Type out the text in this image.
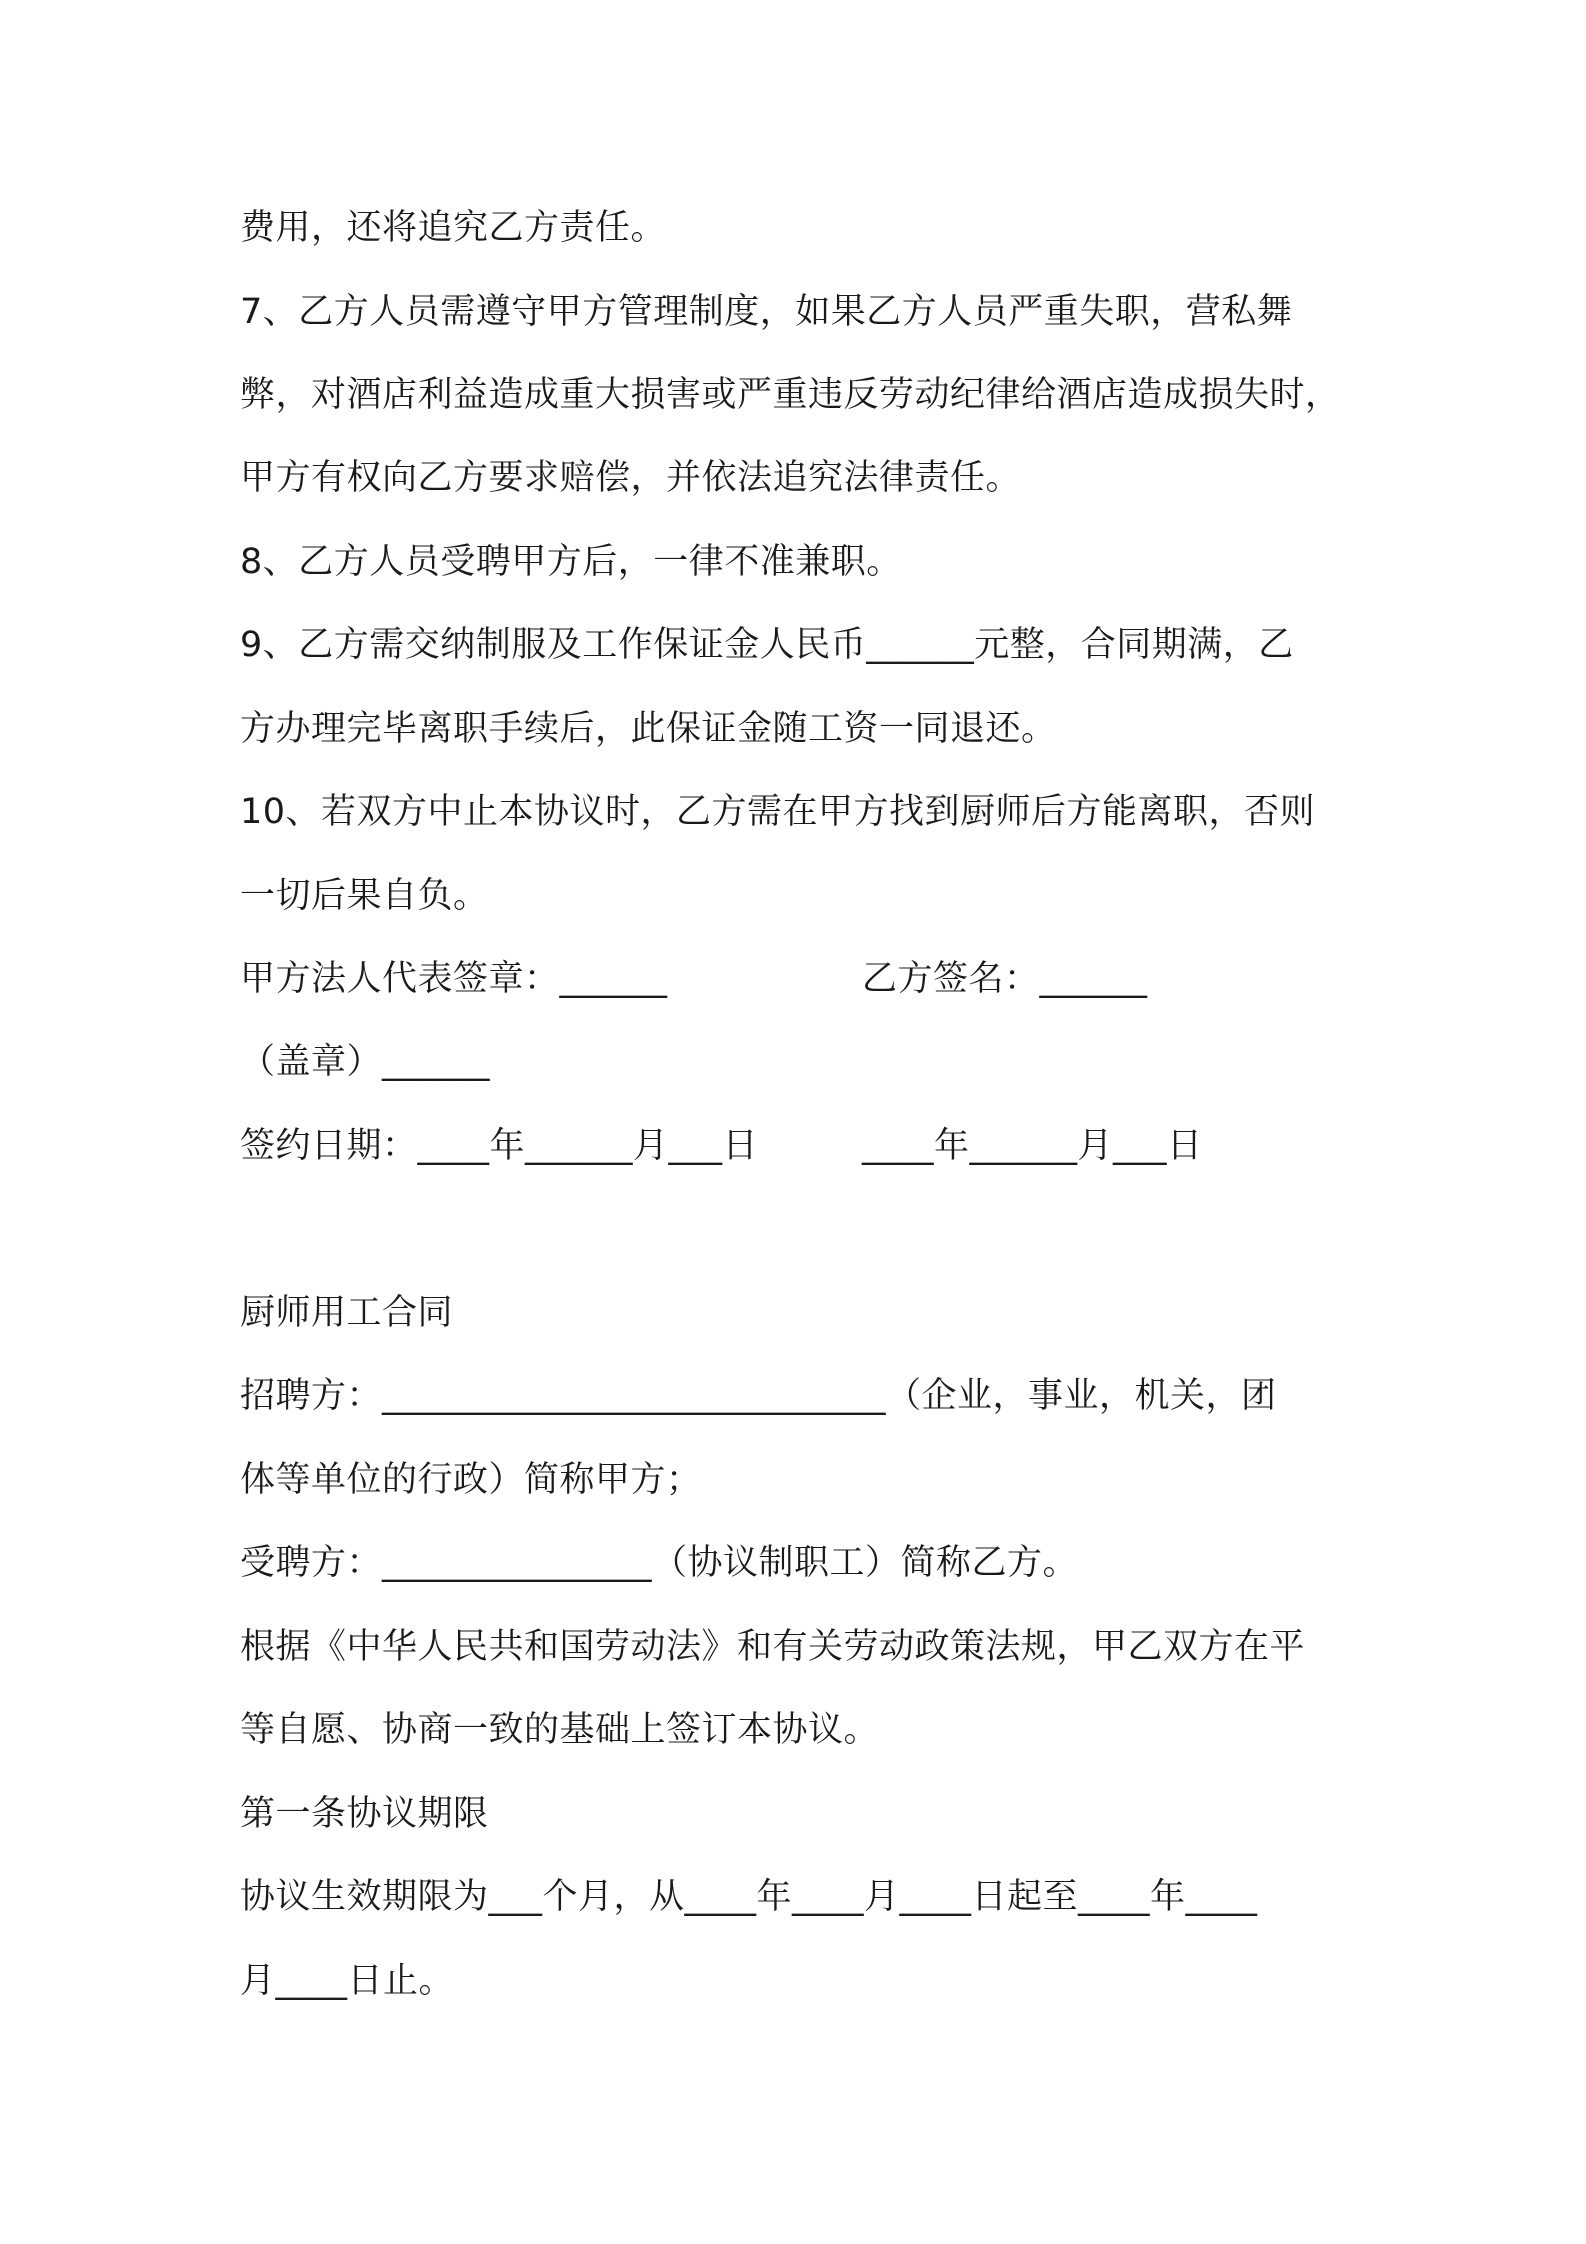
费用，还将追究乙方责任。
7、乙方人员需遵守甲方管理制度，如果乙方人员严重失职，营私舞
弊，对酒店利益造成重大损害或严重违反劳动纪律给酒店造成损失时，
甲方有权向乙方要求赔偿，并依法追究法律责任。
8、乙方人员受聘甲方后，一律不准兼职。
9、乙方需交纳制服及工作保证金人民币______元整，合同期满，乙
方办理完毕离职手续后，此保证金随工资一同退还。
10、若双方中止本协议时，乙方需在甲方找到厨师后方能离职，否则
一切后果自负。
甲方法人代表签章：______	乙方签名：______
（盖章）______
签约日期：____年______月___日	____年______月___日
厨师用工合同
招聘方：____________________________（企业，事业，机关，团
体等单位的行政）简称甲方；
受聘方：_______________（协议制职工）简称乙方。
根据《中华人民共和国劳动法》和有关劳动政策法规，甲乙双方在平
等自愿、协商一致的基础上签订本协议。
第一条协议期限
协议生效期限为___个月，从____年____月____日起至____年____
月____日止。
